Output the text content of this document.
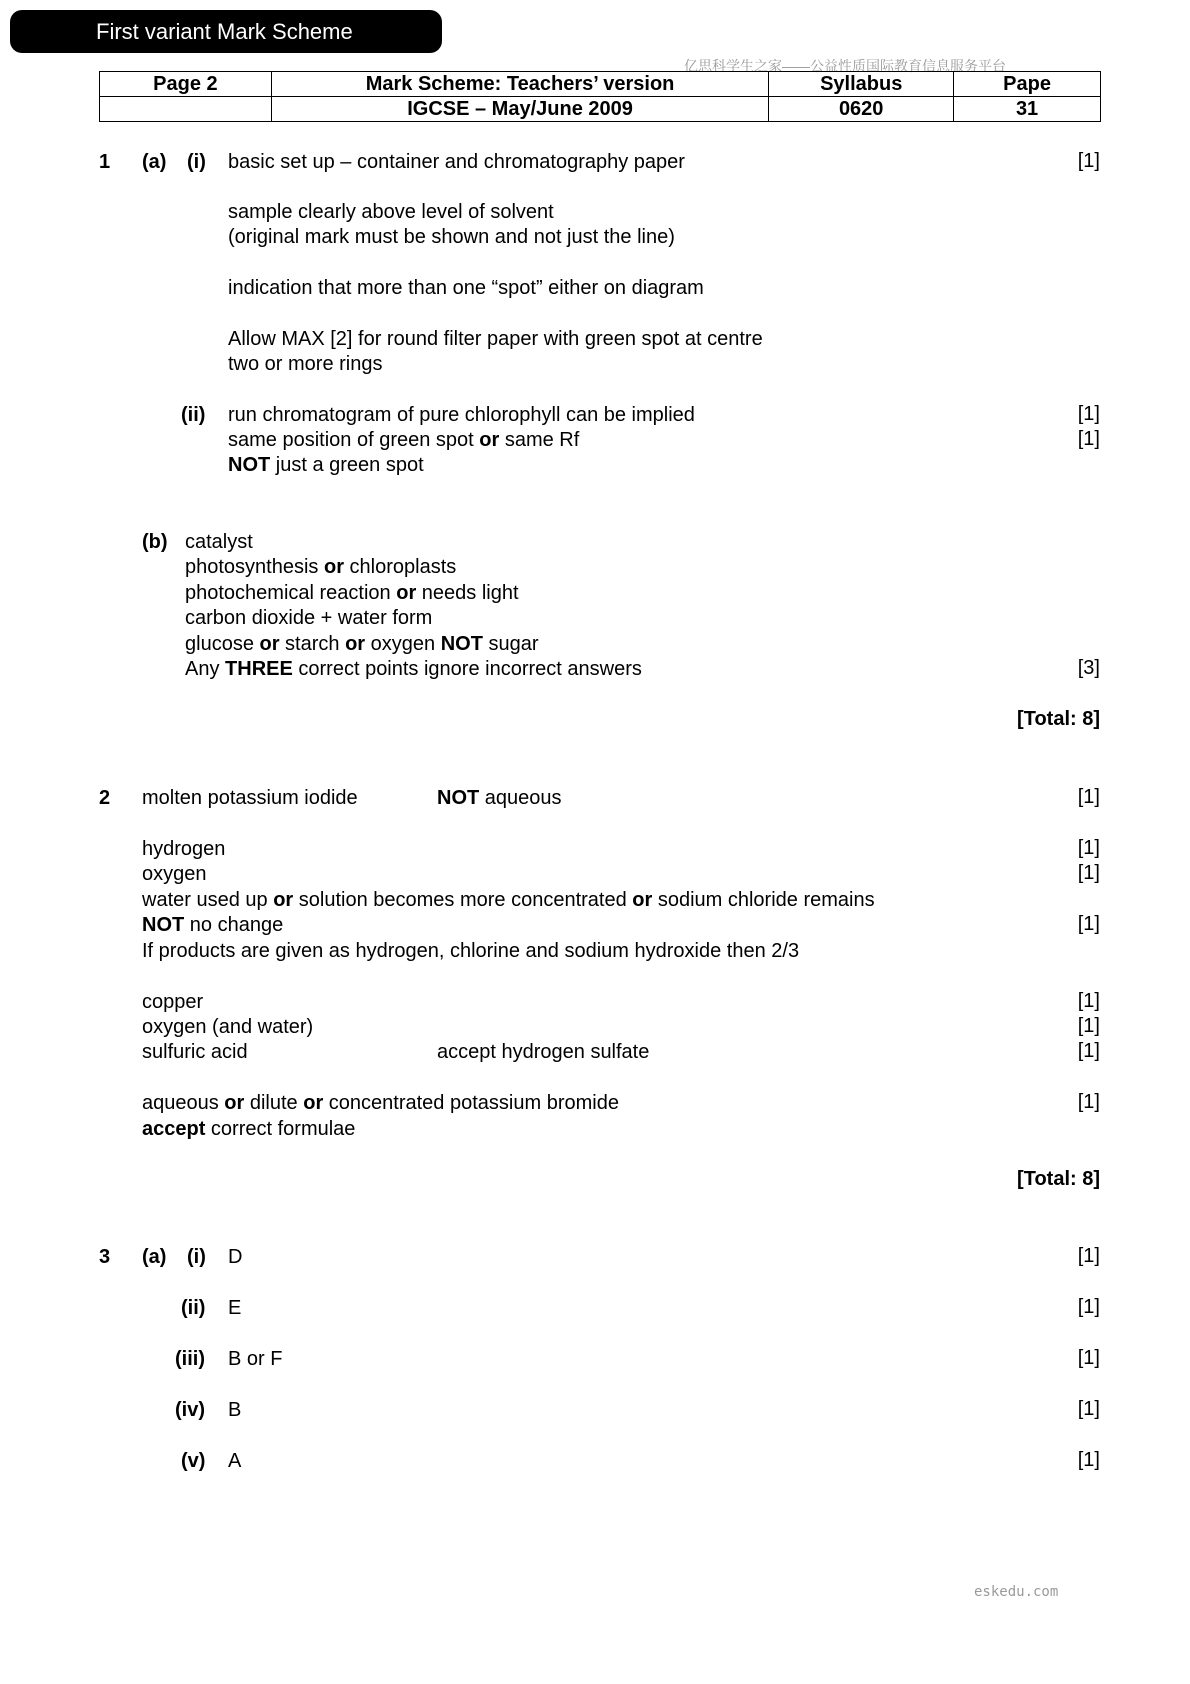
First variant Mark Scheme
亿思科学生之家——公益性质国际教育信息服务平台
Page 2	Mark Scheme: Teachers’ version	Syllabus	Pape
	IGCSE – May/June 2009	0620	31
1 (a) (i) basic set up – container and chromatography paper	[1]
sample clearly above level of solvent
(original mark must be shown and not just the line)
indication that more than one “spot” either on diagram
Allow MAX [2] for round filter paper with green spot at centre
two or more rings
(ii) run chromatogram of pure chlorophyll can be implied	[1]
same position of green spot or same Rf	[1]
NOT just a green spot
(b) catalyst
photosynthesis or chloroplasts
photochemical reaction or needs light
carbon dioxide + water form
glucose or starch or oxygen NOT sugar
Any THREE correct points ignore incorrect answers	[3]
[Total: 8]
2 molten potassium iodide	NOT aqueous	[1]
hydrogen	[1]
oxygen	[1]
water used up or solution becomes more concentrated or sodium chloride remains
NOT no change	[1]
If products are given as hydrogen, chlorine and sodium hydroxide then 2/3
copper	[1]
oxygen (and water)	[1]
sulfuric acid	accept hydrogen sulfate	[1]
aqueous or dilute or concentrated potassium bromide	[1]
accept correct formulae
[Total: 8]
3 (a) (i) D	[1]
(ii) E	[1]
(iii) B or F	[1]
(iv) B	[1]
(v) A	[1]
eskedu.com
